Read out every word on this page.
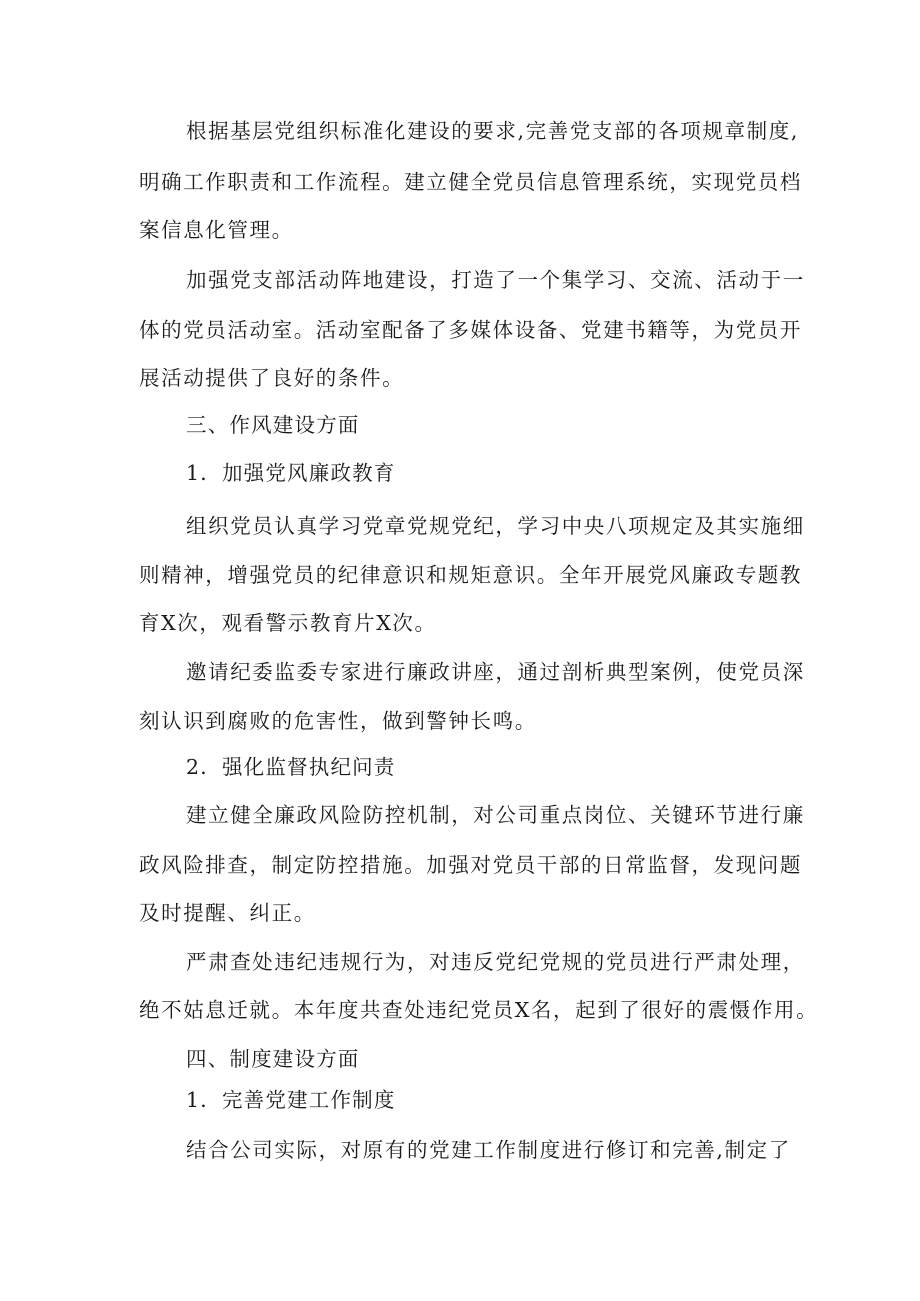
根据基层党组织标准化建设的要求,完善党支部的各项规章制度,
明确工作职责和工作流程。建立健全党员信息管理系统，实现党员档
案信息化管理。
加强党支部活动阵地建设，打造了一个集学习、交流、活动于一
体的党员活动室。活动室配备了多媒体设备、党建书籍等，为党员开
展活动提供了良好的条件。
三、作风建设方面
1．加强党风廉政教育
组织党员认真学习党章党规党纪，学习中央八项规定及其实施细
则精神，增强党员的纪律意识和规矩意识。全年开展党风廉政专题教
育X次，观看警示教育片X次。
邀请纪委监委专家进行廉政讲座，通过剖析典型案例，使党员深
刻认识到腐败的危害性，做到警钟长鸣。
2．强化监督执纪问责
建立健全廉政风险防控机制，对公司重点岗位、关键环节进行廉
政风险排查，制定防控措施。加强对党员干部的日常监督，发现问题
及时提醒、纠正。
严肃查处违纪违规行为，对违反党纪党规的党员进行严肃处理，
绝不姑息迁就。本年度共查处违纪党员X名，起到了很好的震慑作用。
四、制度建设方面
1．完善党建工作制度
结合公司实际，对原有的党建工作制度进行修订和完善,制定了
